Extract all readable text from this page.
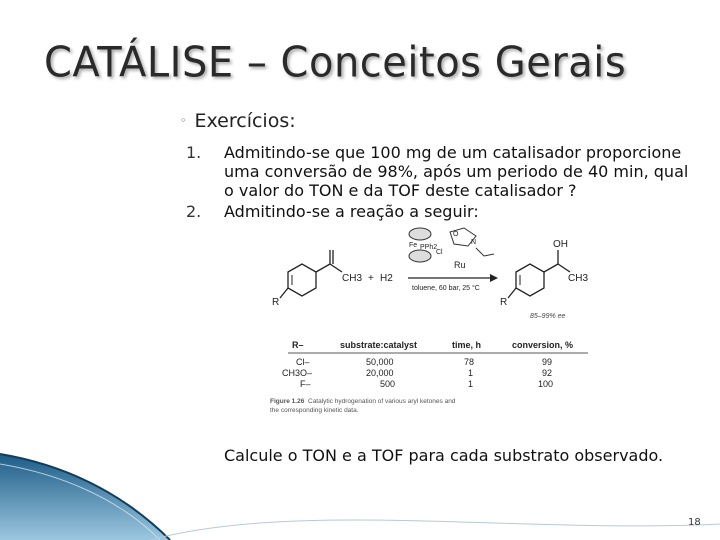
CATÁLISE – Conceitos Gerais
◦ Exercícios:
1. Admitindo-se que 100 mg de um catalisador proporcione
uma conversão de 98%, após um periodo de 40 min, qual
o valor do TON e da TOF deste catalisador ?
2. Admitindo-se a reação a seguir:
R
CH3 + H2
Fe PPh2
O
N
Cl
Ru
toluene, 60 bar, 25 °C
OH
CH3
R
85–99% ee
R–	substrate:catalyst	time, h	conversion, %
Cl–	50,000	78	99
CH3O–	20,000	1	92
F–	500	1	100
Figure 1.26 Catalytic hydrogenation of various aryl ketones and
the corresponding kinetic data.
Calcule o TON e a TOF para cada substrato observado.
18
